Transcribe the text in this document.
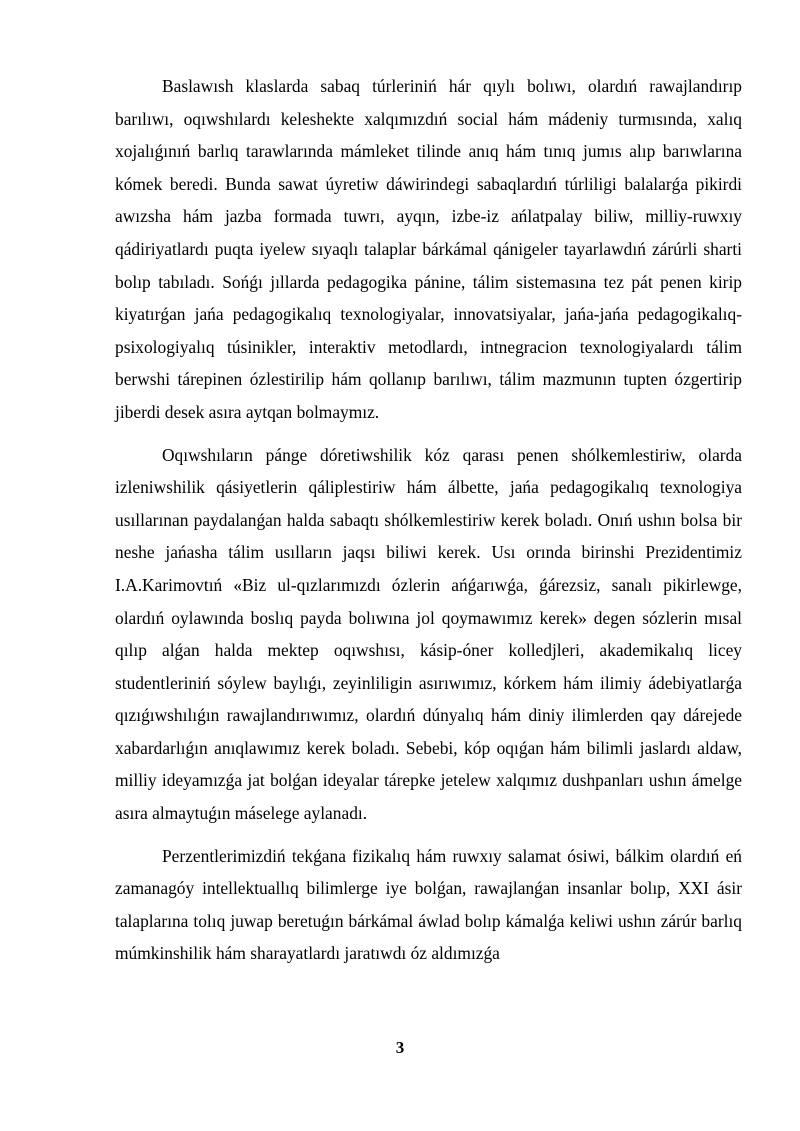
Baslawısh klaslarda sabaq túrleriniń hár qıylı bolıwı, olardıń rawajlandırıp barılıwı, oqıwshılardı keleshekte xalqımızdıń social hám mádeniy turmısında, xalıq xojalıǵınıń barlıq tarawlarında mámleket tilinde anıq hám tınıq jumıs alıp barıwlarına kómek beredi. Bunda sawat úyretiw dáwirindegi sabaqlardıń túrliligi balalarǵa pikirdi awızsha hám jazba formada tuwrı, ayqın, izbe-iz ańlatpalay biliw, milliy-ruwxıy qádiriyatlardı puqta iyelew sıyaqlı talaplar bárkámal qánigeler tayarlawdıń zárúrli sharti bolıp tabıladı. Sońǵı jıllarda pedagogika pánine, tálim sistemasına tez pát penen kirip kiyatırǵan jańa pedagogikalıq texnologiyalar, innovatsiyalar, jańa-jańa pedagogikalıq-psixologiyalıq túsinikler, interaktiv metodlardı, intnegracion texnologiyalardı tálim berwshi tárepinen ózlestirilip hám qollanıp barılıwı, tálim mazmunın tupten ózgertirip jiberdi desek asıra aytqan bolmaymız.

Oqıwshıların pánge dóretiwshilik kóz qarası penen shólkemlestiriw, olarda izleniwshilik qásiyetlerin qáliplestiriw hám álbette, jańa pedagogikalıq texnologiya usıllarınan paydalanǵan halda sabaqtı shólkemlestiriw kerek boladı. Onıń ushın bolsa bir neshe jańasha tálim usılların jaqsı biliwi kerek. Usı orında birinshi Prezidentimiz I.A.Karimovtıń «Biz ul-qızlarımızdı ózlerin ańǵarıwǵa, ǵárezsiz, sanalı pikirlewge, olardıń oylawında boslıq payda bolıwına jol qoymawımız kerek» degen sózlerin mısal qılıp alǵan halda mektep oqıwshısı, kásip-óner kolledjleri, akademikalıq licey studentleriniń sóylew baylıǵı, zeyinliligin asırıwımız, kórkem hám ilimiy ádebiyatlarǵa qızıǵıwshılıǵın rawajlandırıwımız, olardıń dúnyalıq hám diniy ilimlerden qay dárejede xabardarlıǵın anıqlawımız kerek boladı. Sebebi, kóp oqıǵan hám bilimli jaslardı aldaw, milliy ideyamızǵa jat bolǵan ideyalar tárepke jetelew xalqımız dushpanları ushın ámelge asıra almaytuǵın máselege aylanadı.

Perzentlerimizdiń tekǵana fizikalıq hám ruwxıy salamat ósiwi, bálkim olardıń eń zamanagóy intellektuallıq bilimlerge iye bolǵan, rawajlanǵan insanlar bolıp, XXI ásir talaplarına tolıq juwap beretuǵın bárkámal áwlad bolıp kámalǵa keliwi ushın zárúr barlıq múmkinshilik hám sharayatlardı jaratıwdı óz aldımızǵa

3
